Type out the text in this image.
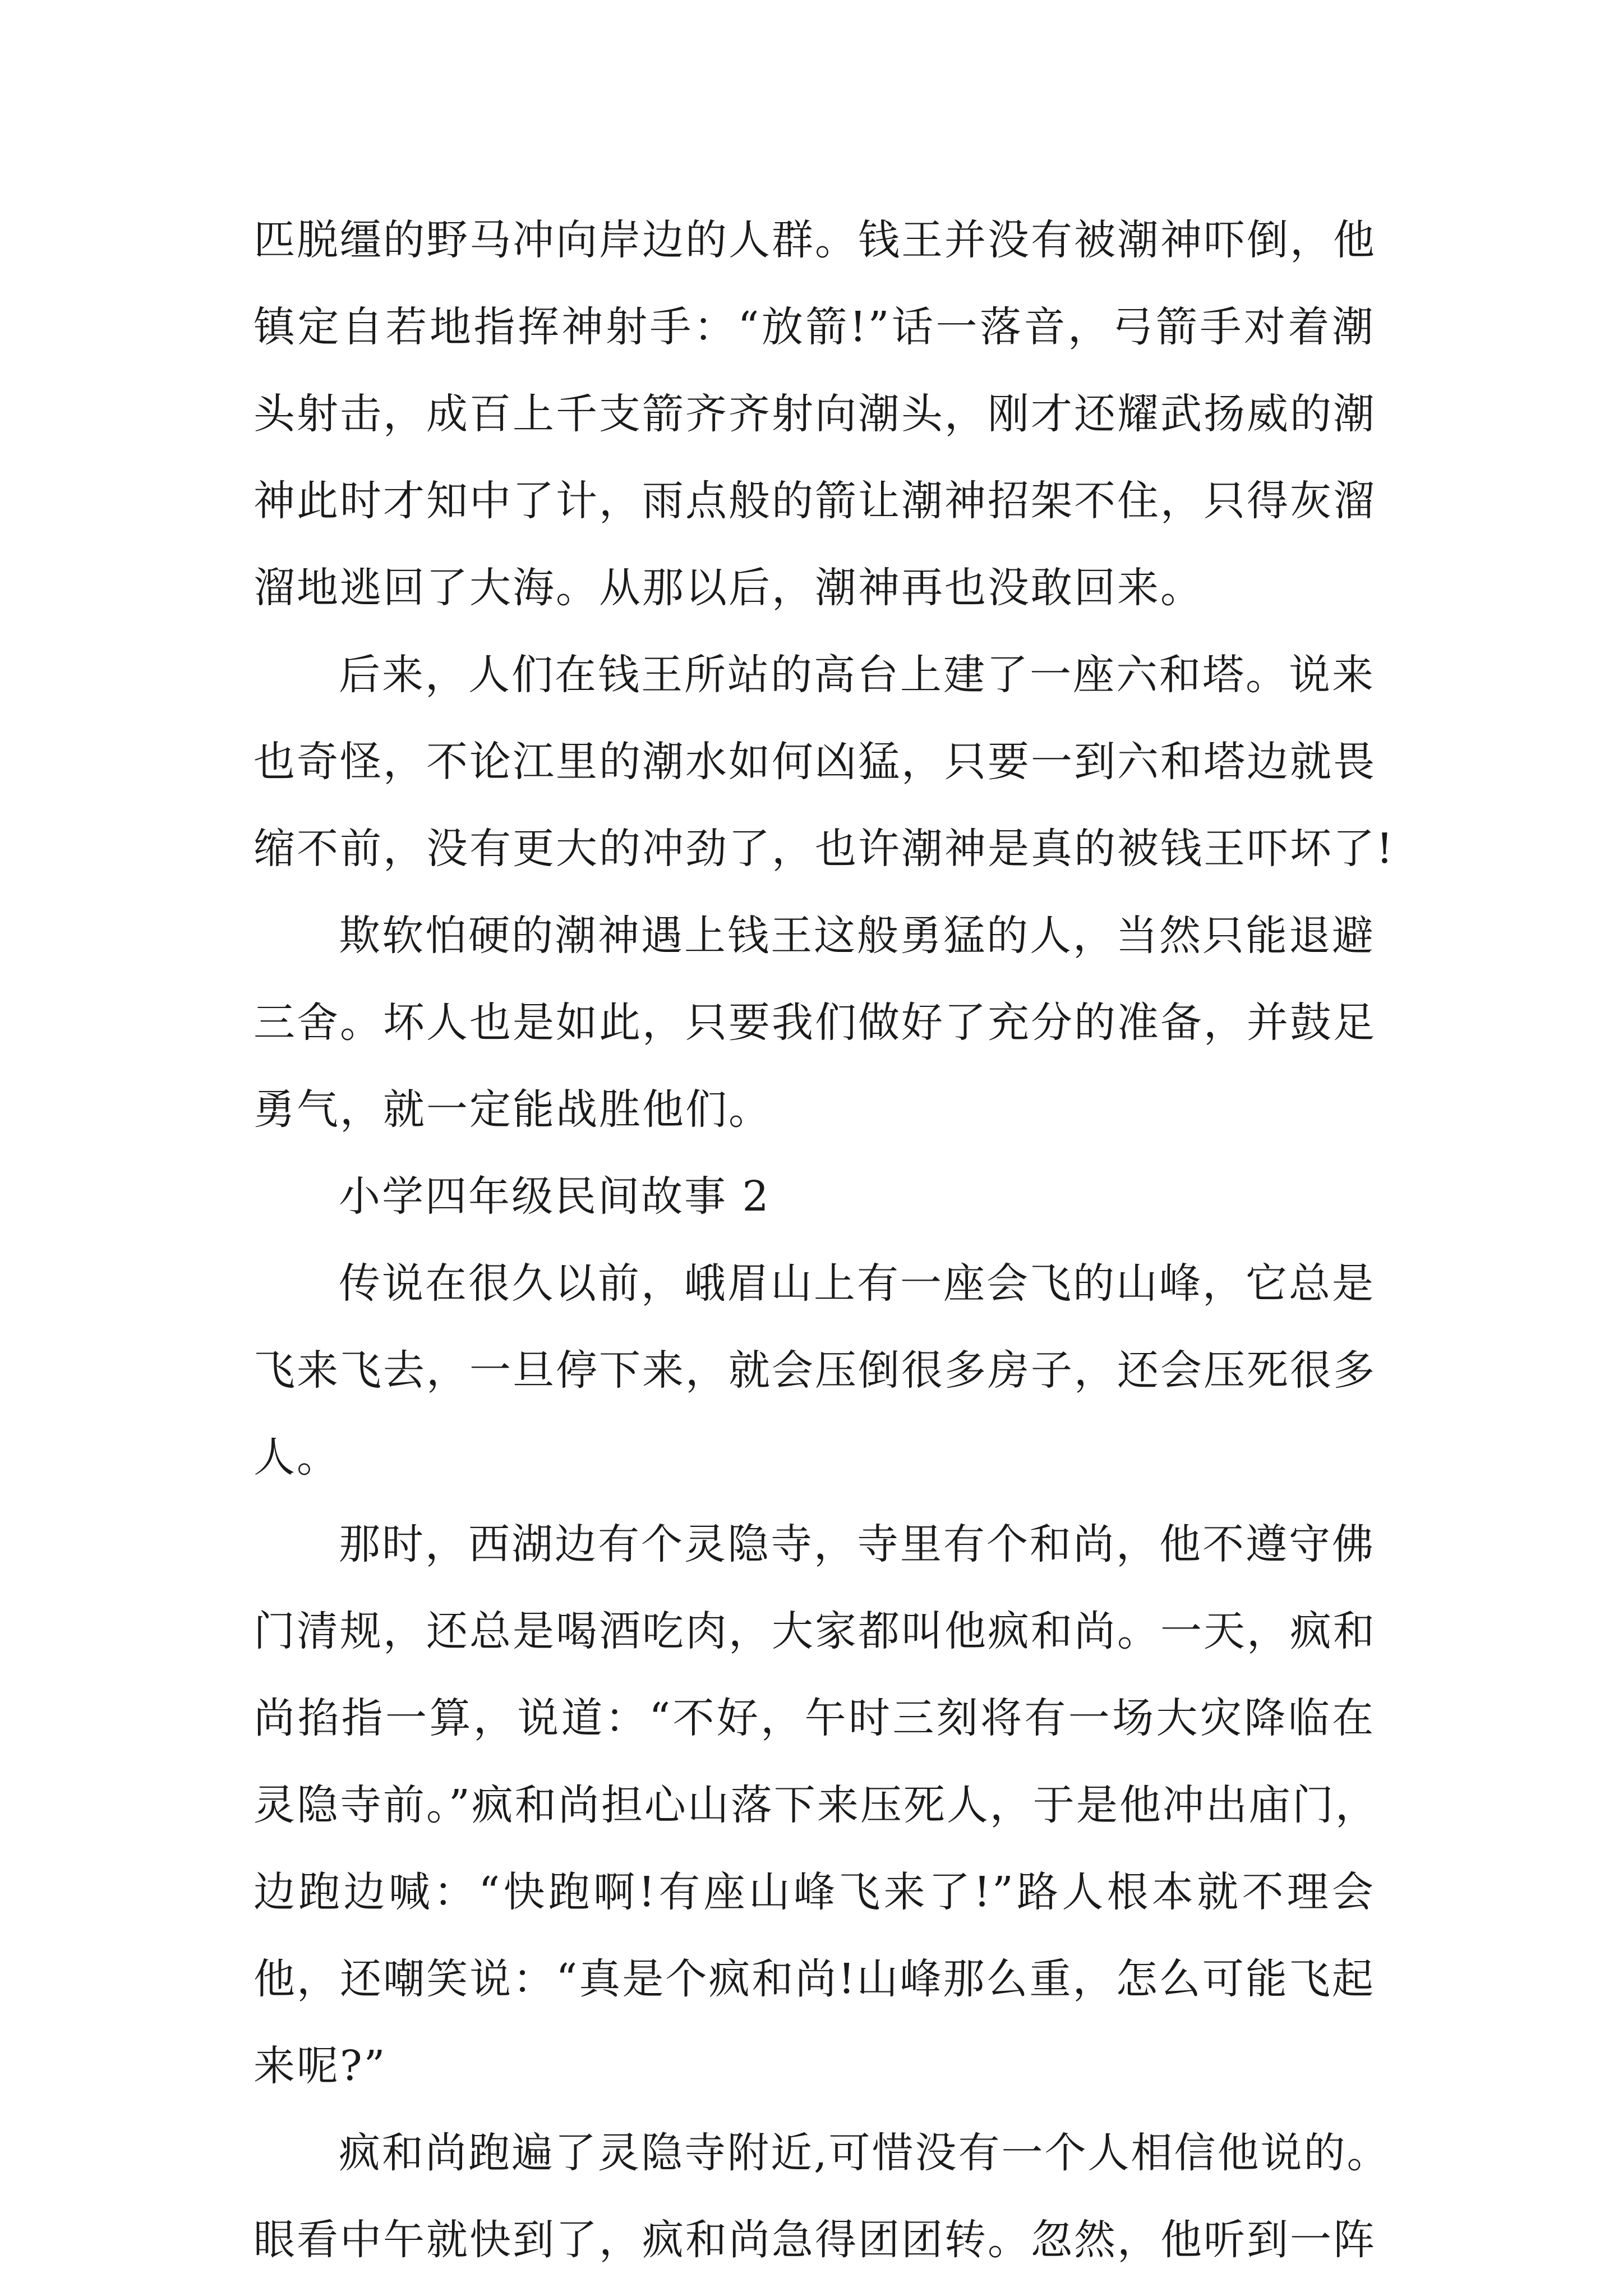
匹脱缰的野马冲向岸边的人群。钱王并没有被潮神吓倒，他

镇定自若地指挥神射手：“放箭!”话一落音，弓箭手对着潮

头射击，成百上千支箭齐齐射向潮头，刚才还耀武扬威的潮

神此时才知中了计，雨点般的箭让潮神招架不住，只得灰溜

溜地逃回了大海。从那以后，潮神再也没敢回来。

后来，人们在钱王所站的高台上建了一座六和塔。说来

也奇怪，不论江里的潮水如何凶猛，只要一到六和塔边就畏

缩不前，没有更大的冲劲了，也许潮神是真的被钱王吓坏了!

欺软怕硬的潮神遇上钱王这般勇猛的人，当然只能退避

三舍。坏人也是如此，只要我们做好了充分的准备，并鼓足

勇气，就一定能战胜他们。

小学四年级民间故事 2

传说在很久以前，峨眉山上有一座会飞的山峰，它总是

飞来飞去，一旦停下来，就会压倒很多房子，还会压死很多

人。

那时，西湖边有个灵隐寺，寺里有个和尚，他不遵守佛

门清规，还总是喝酒吃肉，大家都叫他疯和尚。一天，疯和

尚掐指一算，说道：“不好，午时三刻将有一场大灾降临在

灵隐寺前。”疯和尚担心山落下来压死人，于是他冲出庙门，

边跑边喊：“快跑啊!有座山峰飞来了!”路人根本就不理会

他，还嘲笑说：“真是个疯和尚!山峰那么重，怎么可能飞起

来呢?”

疯和尚跑遍了灵隐寺附近,可惜没有一个人相信他说的。

眼看中午就快到了，疯和尚急得团团转。忽然，他听到一阵
